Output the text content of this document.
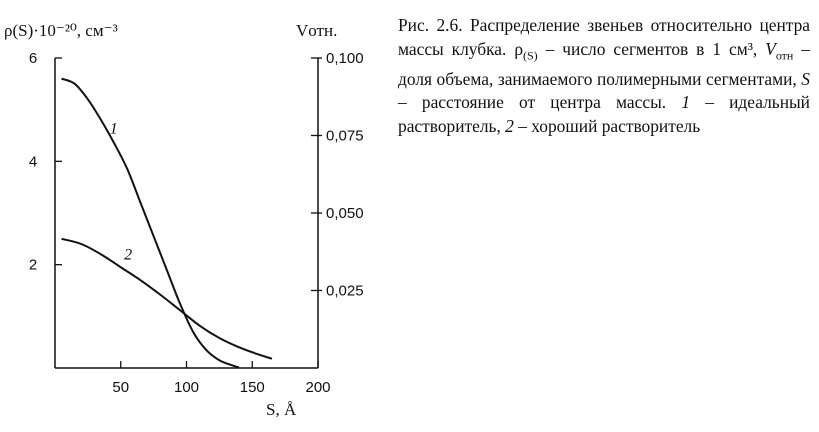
ρ(S)·10⁻²⁰, см⁻³	Vотн.
S, Å
50	100	150	200
2
4
6
0,025
0,050
0,075
0,100
1
2

Рис. 2.6. Распределение звеньев относительно центра массы клубка. $\rho_{(S)}$ – число сегментов в 1 см³, $V_{отн}$ – доля объема, занимаемого полимерными сегментами, S – расстояние от центра массы. 1 – идеальный растворитель, 2 – хороший растворитель
